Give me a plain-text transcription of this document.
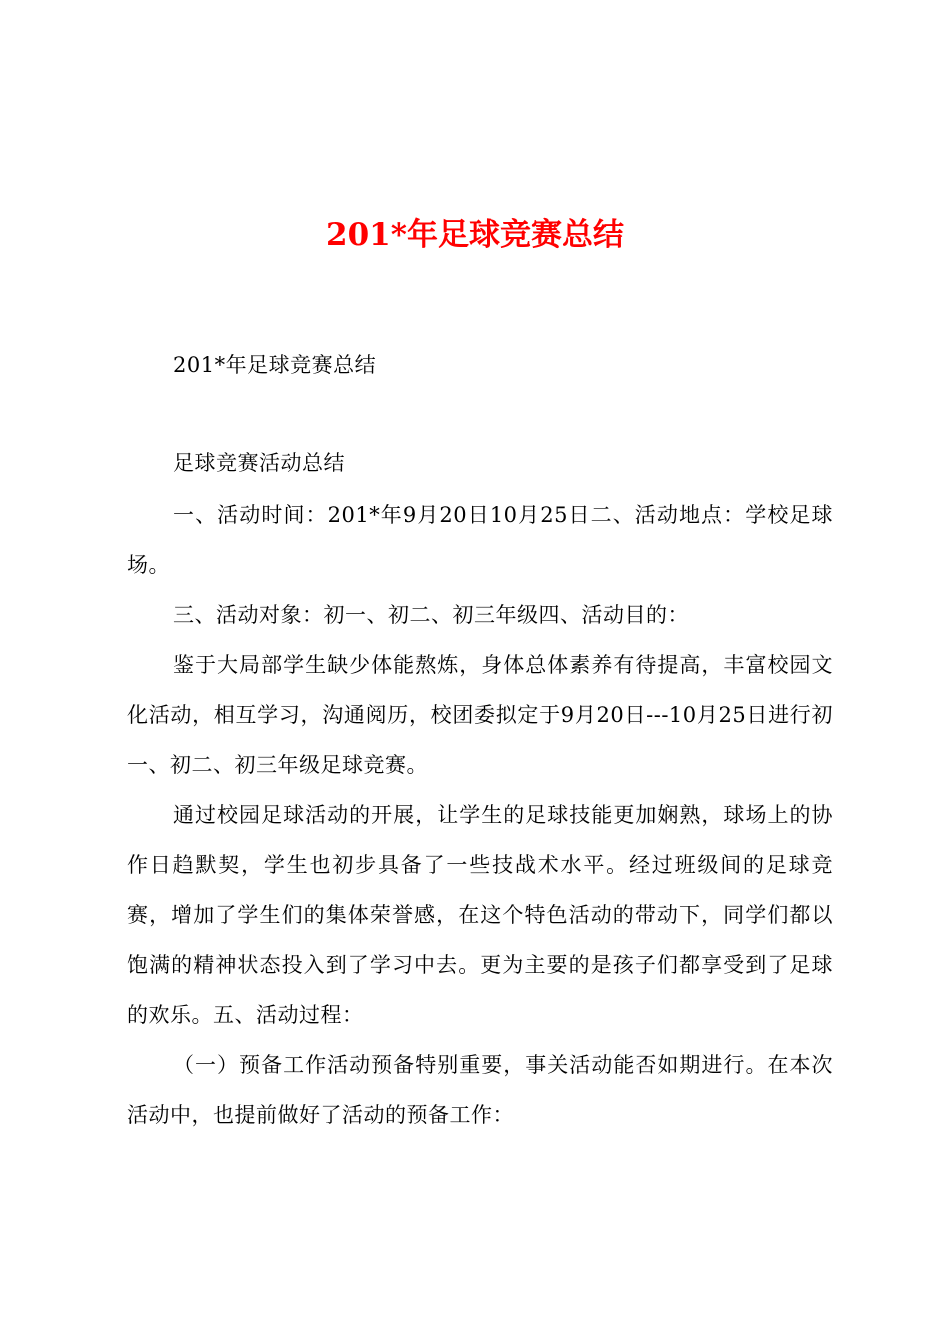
201*年足球竞赛总结

201*年足球竞赛总结

足球竞赛活动总结

一、活动时间：201*年9月20日10月25日二、活动地点：学校足球场。

三、活动对象：初一、初二、初三年级四、活动目的：

鉴于大局部学生缺少体能熬炼，身体总体素养有待提高，丰富校园文化活动，相互学习，沟通阅历，校团委拟定于9月20日---10月25日进行初一、初二、初三年级足球竞赛。

通过校园足球活动的开展，让学生的足球技能更加娴熟，球场上的协作日趋默契，学生也初步具备了一些技战术水平。经过班级间的足球竞赛，增加了学生们的集体荣誉感，在这个特色活动的带动下，同学们都以饱满的精神状态投入到了学习中去。更为主要的是孩子们都享受到了足球的欢乐。五、活动过程：

（一）预备工作活动预备特别重要，事关活动能否如期进行。在本次活动中，也提前做好了活动的预备工作：
